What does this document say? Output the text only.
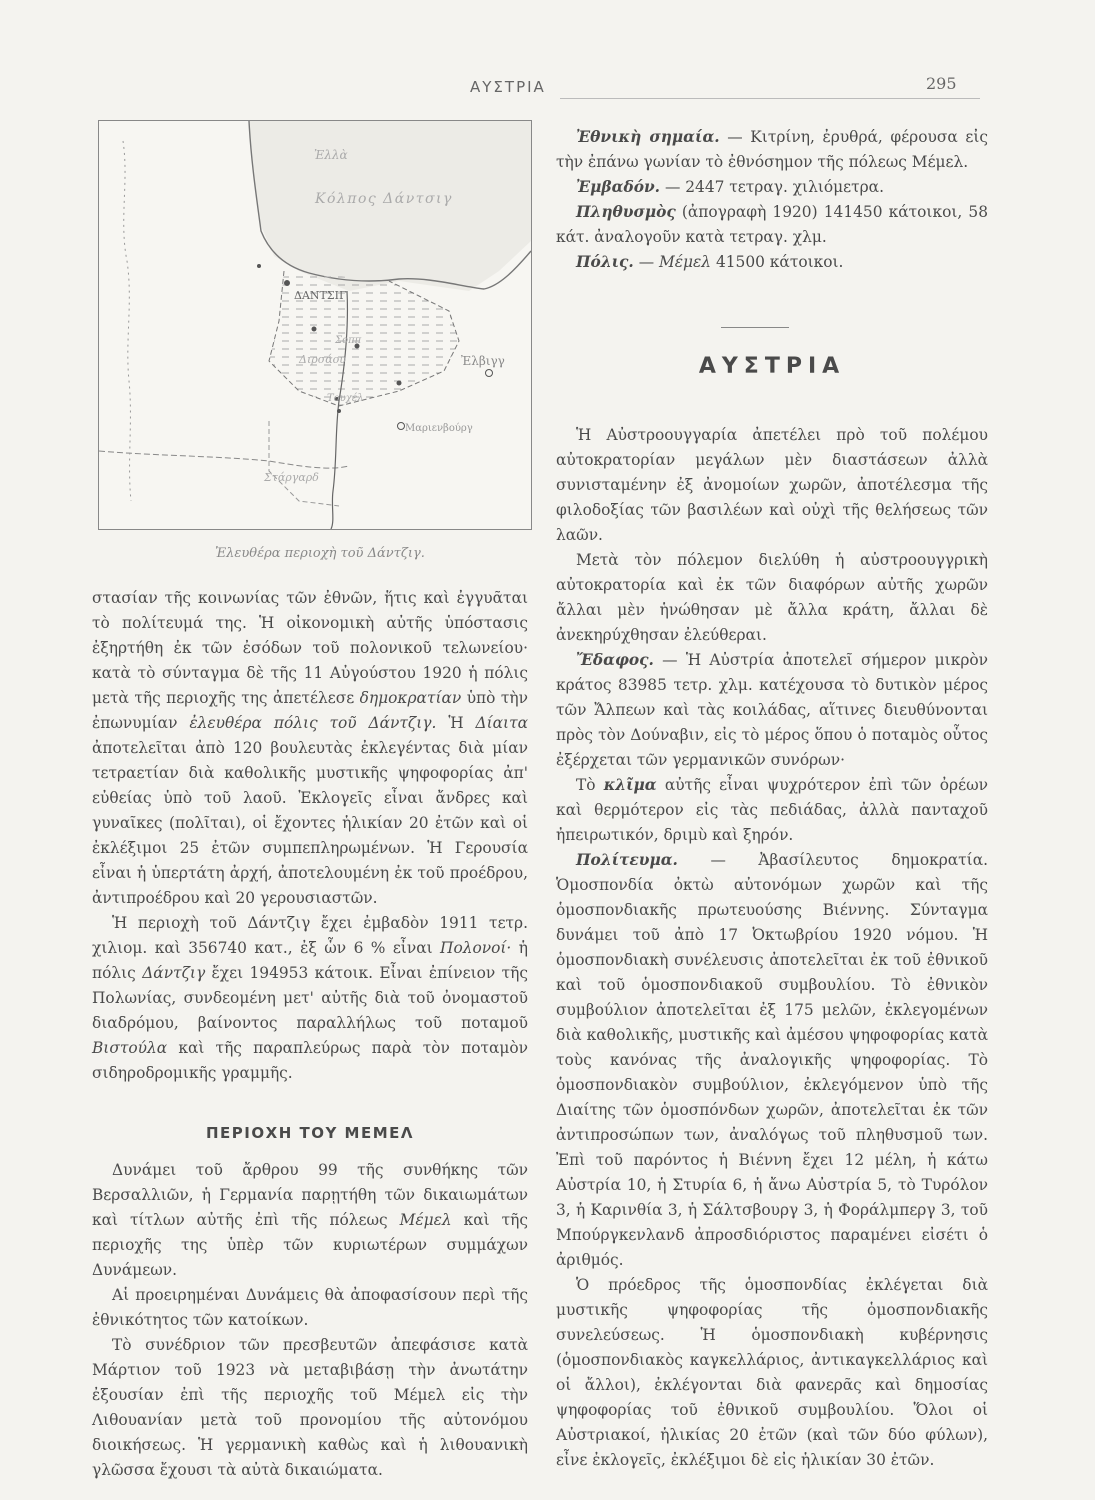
ΑΥΣΤΡΙΑ	295
Ἐλλὰ
Κόλπος Δάντσιγ
ΔΑΝΤΣΙΓ
Σοππ
Ἐλβιγγ
Διρσάου
Μαριενβούργ
Στάργαρδ
Τουχέλ
Ἐλευθέρα περιοχὴ τοῦ Δάντζιγ.

στασίαν τῆς κοινωνίας τῶν ἐθνῶν, ἥτις καὶ ἐγγυᾶται τὸ πολίτευμά της. Ἡ οἰκονομικὴ αὐτῆς ὑπόστασις ἐξηρτήθη ἐκ τῶν ἐσόδων τοῦ πολονικοῦ τελωνείου· κατὰ τὸ σύνταγμα δὲ τῆς 11 Αὐγούστου 1920 ἡ πόλις μετὰ τῆς περιοχῆς της ἀπετέλεσε δημοκρατίαν ὑπὸ τὴν ἐπωνυμίαν ἐλευθέρα πόλις τοῦ Δάντζιγ. Ἡ Δίαιτα ἀποτελεῖται ἀπὸ 120 βουλευτὰς ἐκλεγέντας διὰ μίαν τετραετίαν διὰ καθολικῆς μυστικῆς ψηφοφορίας ἀπ' εὐθείας ὑπὸ τοῦ λαοῦ. Ἐκλογεῖς εἶναι ἄνδρες καὶ γυναῖκες (πολῖται), οἱ ἔχοντες ἡλικίαν 20 ἐτῶν καὶ οἱ ἐκλέξιμοι 25 ἐτῶν συμπεπληρωμένων. Ἡ Γερουσία εἶναι ἡ ὑπερτάτη ἀρχή, ἀποτελουμένη ἐκ τοῦ προέδρου, ἀντιπροέδρου καὶ 20 γερουσιαστῶν.

Ἡ περιοχὴ τοῦ Δάντζιγ ἔχει ἐμβαδὸν 1911 τετρ. χιλιομ. καὶ 356740 κατ., ἐξ ὧν 6 % εἶναι Πολονοί· ἡ πόλις Δάντζιγ ἔχει 194953 κάτοικ. Εἶναι ἐπίνειον τῆς Πολωνίας, συνδεομένη μετ' αὐτῆς διὰ τοῦ ὀνομαστοῦ διαδρόμου, βαίνοντος παραλλήλως τοῦ ποταμοῦ Βιστούλα καὶ τῆς παραπλεύρως παρὰ τὸν ποταμὸν σιδηροδρομικῆς γραμμῆς.

ΠΕΡΙΟΧΗ ΤΟΥ ΜΕΜΕΛ

Δυνάμει τοῦ ἄρθρου 99 τῆς συνθήκης τῶν Βερσαλλιῶν, ἡ Γερμανία παρῃτήθη τῶν δικαιωμάτων καὶ τίτλων αὐτῆς ἐπὶ τῆς πόλεως Μέμελ καὶ τῆς περιοχῆς της ὑπὲρ τῶν κυριωτέρων συμμάχων Δυνάμεων.

Αἱ προειρημέναι Δυνάμεις θὰ ἀποφασίσουν περὶ τῆς ἐθνικότητος τῶν κατοίκων.

Τὸ συνέδριον τῶν πρεσβευτῶν ἀπεφάσισε κατὰ Μάρτιον τοῦ 1923 νὰ μεταβιβάσῃ τὴν ἀνωτάτην ἐξουσίαν ἐπὶ τῆς περιοχῆς τοῦ Μέμελ εἰς τὴν Λιθουανίαν μετὰ τοῦ προνομίου τῆς αὐτονόμου διοικήσεως. Ἡ γερμανικὴ καθὼς καὶ ἡ λιθουανικὴ γλῶσσα ἔχουσι τὰ αὐτὰ δικαιώματα.

Ἐθνικὴ σημαία. — Κιτρίνη, ἐρυθρά, φέρουσα εἰς τὴν ἐπάνω γωνίαν τὸ ἐθνόσημον τῆς πόλεως Μέμελ.

Ἐμβαδόν. — 2447 τετραγ. χιλιόμετρα.

Πληθυσμὸς (ἀπογραφὴ 1920) 141450 κάτοικοι, 58 κάτ. ἀναλογοῦν κατὰ τετραγ. χλμ.

Πόλις. — Μέμελ 41500 κάτοικοι.

ΑΥΣΤΡΙΑ

Ἡ Αὐστροουγγαρία ἀπετέλει πρὸ τοῦ πολέμου αὐτοκρατορίαν μεγάλων μὲν διαστάσεων ἀλλὰ συνισταμένην ἐξ ἀνομοίων χωρῶν, ἀποτέλεσμα τῆς φιλοδοξίας τῶν βασιλέων καὶ οὐχὶ τῆς θελήσεως τῶν λαῶν.

Μετὰ τὸν πόλεμον διελύθη ἡ αὐστροουγγρικὴ αὐτοκρατορία καὶ ἐκ τῶν διαφόρων αὐτῆς χωρῶν ἄλλαι μὲν ἡνώθησαν μὲ ἄλλα κράτη, ἄλλαι δὲ ἀνεκηρύχθησαν ἐλεύθεραι.

Ἔδαφος. — Ἡ Αὐστρία ἀποτελεῖ σήμερον μικρὸν κράτος 83985 τετρ. χλμ. κατέχουσα τὸ δυτικὸν μέρος τῶν Ἄλπεων καὶ τὰς κοιλάδας, αἵτινες διευθύνονται πρὸς τὸν Δούναβιν, εἰς τὸ μέρος ὅπου ὁ ποταμὸς οὗτος ἐξέρχεται τῶν γερμανικῶν συνόρων·

Τὸ κλῖμα αὐτῆς εἶναι ψυχρότερον ἐπὶ τῶν ὀρέων καὶ θερμότερον εἰς τὰς πεδιάδας, ἀλλὰ πανταχοῦ ἠπειρωτικόν, δριμὺ καὶ ξηρόν.

Πολίτευμα. — Ἀβασίλευτος δημοκρατία. Ὁμοσπονδία ὀκτὼ αὐτονόμων χωρῶν καὶ τῆς ὁμοσπονδιακῆς πρωτευούσης Βιέννης. Σύνταγμα δυνάμει τοῦ ἀπὸ 17 Ὀκτωβρίου 1920 νόμου. Ἡ ὁμοσπονδιακὴ συνέλευσις ἀποτελεῖται ἐκ τοῦ ἐθνικοῦ καὶ τοῦ ὁμοσπονδιακοῦ συμβουλίου. Τὸ ἐθνικὸν συμβούλιον ἀποτελεῖται ἐξ 175 μελῶν, ἐκλεγομένων διὰ καθολικῆς, μυστικῆς καὶ ἀμέσου ψηφοφορίας κατὰ τοὺς κανόνας τῆς ἀναλογικῆς ψηφοφορίας. Τὸ ὁμοσπονδιακὸν συμβούλιον, ἐκλεγόμενον ὑπὸ τῆς Διαίτης τῶν ὁμοσπόνδων χωρῶν, ἀποτελεῖται ἐκ τῶν ἀντιπροσώπων των, ἀναλόγως τοῦ πληθυσμοῦ των. Ἐπὶ τοῦ παρόντος ἡ Βιέννη ἔχει 12 μέλη, ἡ κάτω Αὐστρία 10, ἡ Στυρία 6, ἡ ἄνω Αὐστρία 5, τὸ Τυρόλον 3, ἡ Καρινθία 3, ἡ Σάλτσβουργ 3, ἡ Φοράλμπεργ 3, τοῦ Μπούργκενλανδ ἀπροσδιόριστος παραμένει εἰσέτι ὁ ἀριθμός.

Ὁ πρόεδρος τῆς ὁμοσπονδίας ἐκλέγεται διὰ μυστικῆς ψηφοφορίας τῆς ὁμοσπονδιακῆς συνελεύσεως. Ἡ ὁμοσπονδιακὴ κυβέρνησις (ὁμοσπονδιακὸς καγκελλάριος, ἀντικαγκελλάριος καὶ οἱ ἄλλοι), ἐκλέγονται διὰ φανερᾶς καὶ δημοσίας ψηφοφορίας τοῦ ἐθνικοῦ συμβουλίου. Ὅλοι οἱ Αὐστριακοί, ἡλικίας 20 ἐτῶν (καὶ τῶν δύο φύλων), εἶνε ἐκλογεῖς, ἐκλέξιμοι δὲ εἰς ἡλικίαν 30 ἐτῶν.
